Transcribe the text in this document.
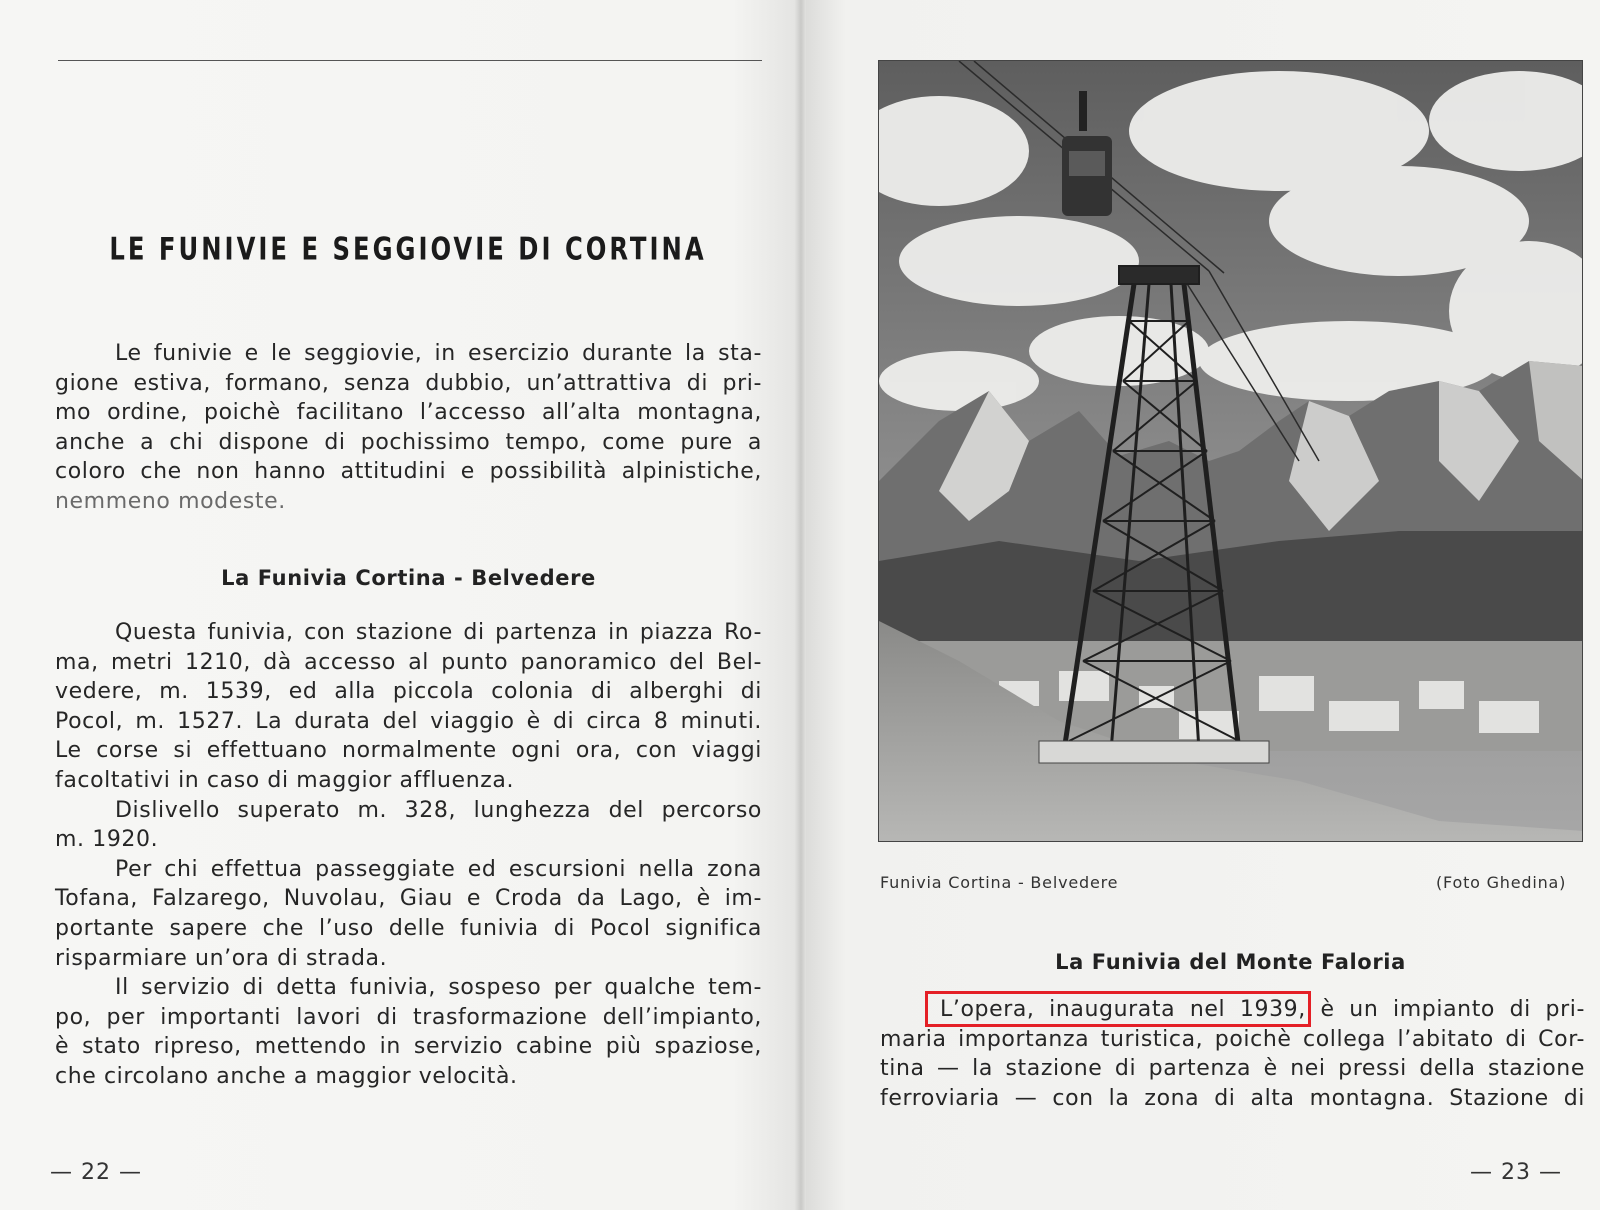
LE FUNIVIE E SEGGIOVIE DI CORTINA
Le funivie e le seggiovie, in esercizio durante la sta-
gione estiva, formano, senza dubbio, un’attrattiva di pri-
mo ordine, poichè facilitano l’accesso all’alta montagna,
anche a chi dispone di pochissimo tempo, come pure a
coloro che non hanno attitudini e possibilità alpinistiche,
nemmeno modeste.
La Funivia Cortina - Belvedere
Questa funivia, con stazione di partenza in piazza Ro-
ma, metri 1210, dà accesso al punto panoramico del Bel-
vedere, m. 1539, ed alla piccola colonia di alberghi di
Pocol, m. 1527. La durata del viaggio è di circa 8 minuti.
Le corse si effettuano normalmente ogni ora, con viaggi
facoltativi in caso di maggior affluenza.
Dislivello superato m. 328, lunghezza del percorso
m. 1920.
Per chi effettua passeggiate ed escursioni nella zona
Tofana, Falzarego, Nuvolau, Giau e Croda da Lago, è im-
portante sapere che l’uso delle funivia di Pocol significa
risparmiare un’ora di strada.
Il servizio di detta funivia, sospeso per qualche tem-
po, per importanti lavori di trasformazione dell’impianto,
è stato ripreso, mettendo in servizio cabine più spaziose,
che circolano anche a maggior velocità.
— 22 —	— 23 —
Funivia Cortina - Belvedere	(Foto Ghedina)
La Funivia del Monte Faloria
L’opera, inaugurata nel 1939, è un impianto di pri-
maria importanza turistica, poichè collega l’abitato di Cor-
tina — la stazione di partenza è nei pressi della stazione
ferroviaria — con la zona di alta montagna. Stazione di
